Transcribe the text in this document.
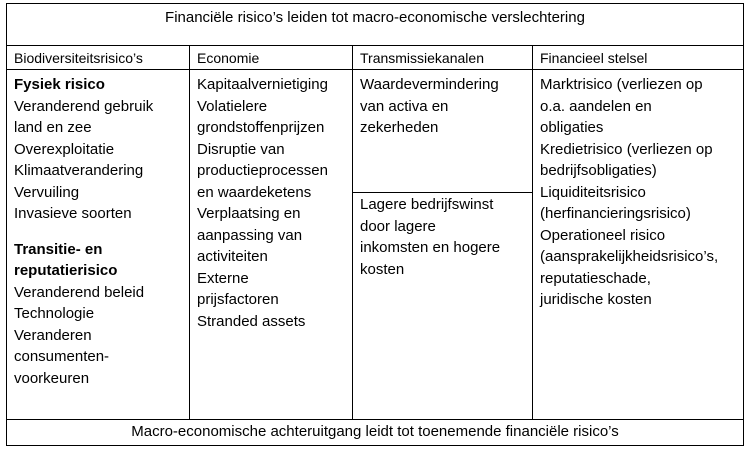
Financiële risico’s leiden tot macro-economische verslechtering
Biodiversiteitsrisico’s
Fysiek risico
Veranderend gebruik
land en zee
Overexploitatie
Klimaatverandering
Vervuiling
Invasieve soorten
Transitie- en
reputatierisico
Veranderend beleid
Technologie
Veranderen
consumenten-
voorkeuren
Economie
Kapitaalvernietiging
Volatielere
grondstoffenprijzen
Disruptie van
productieprocessen
en waardeketens
Verplaatsing en
aanpassing van
activiteiten
Externe
prijsfactoren
Stranded assets
Transmissiekanalen
Waardevermindering
van activa en
zekerheden
Lagere bedrijfswinst
door lagere
inkomsten en hogere
kosten
Financieel stelsel
Marktrisico (verliezen op
o.a. aandelen en
obligaties
Kredietrisico (verliezen op
bedrijfsobligaties)
Liquiditeitsrisico
(herfinancieringsrisico)
Operationeel risico
(aansprakelijkheidsrisico’s,
reputatieschade,
juridische kosten
Macro-economische achteruitgang leidt tot toenemende financiële risico’s
